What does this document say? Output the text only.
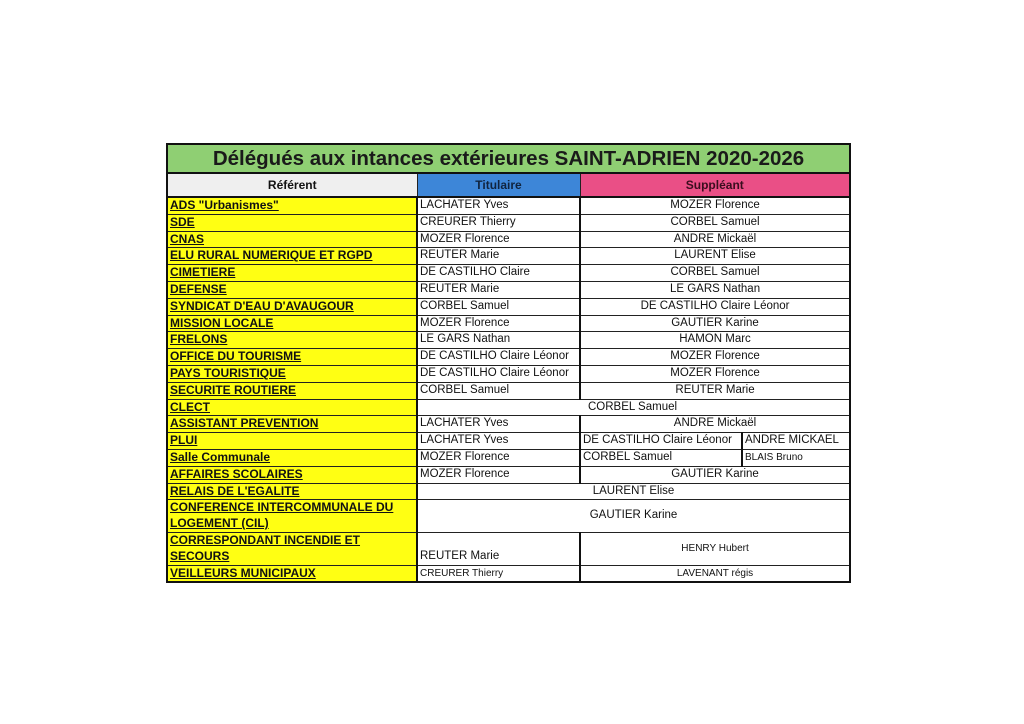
Délégués aux intances extérieures SAINT-ADRIEN 2020-2026			
Référent	Titulaire	Suppléant	
ADS "Urbanismes"	LACHATER Yves	MOZER Florence	
SDE	CREURER Thierry	CORBEL Samuel	
CNAS	MOZER Florence	ANDRE Mickaël	
ELU RURAL NUMERIQUE ET RGPD	REUTER Marie	LAURENT Elise	
CIMETIERE	DE CASTILHO Claire	CORBEL Samuel	
DEFENSE	REUTER Marie	LE GARS Nathan	
SYNDICAT D'EAU D'AVAUGOUR	CORBEL Samuel	DE CASTILHO Claire Léonor	
MISSION LOCALE	MOZER Florence	GAUTIER Karine	
FRELONS	LE GARS Nathan	HAMON Marc	
OFFICE DU TOURISME	DE CASTILHO Claire Léonor	MOZER Florence	
PAYS TOURISTIQUE	DE CASTILHO Claire Léonor	MOZER Florence	
SECURITE ROUTIERE	CORBEL Samuel	REUTER Marie	
CLECT	CORBEL Samuel		
ASSISTANT PREVENTION	LACHATER Yves	ANDRE Mickaël	
PLUI	LACHATER Yves	DE CASTILHO Claire Léonor	ANDRE MICKAEL
Salle Communale	MOZER Florence	CORBEL Samuel	BLAIS Bruno
AFFAIRES SCOLAIRES	MOZER Florence	GAUTIER Karine	
RELAIS DE L'EGALITE	LAURENT Elise		
CONFERENCE INTERCOMMUNALE DU LOGEMENT (CIL)	GAUTIER Karine		
CORRESPONDANT INCENDIE ET SECOURS	REUTER Marie	HENRY Hubert	
VEILLEURS MUNICIPAUX	CREURER Thierry	LAVENANT régis	
